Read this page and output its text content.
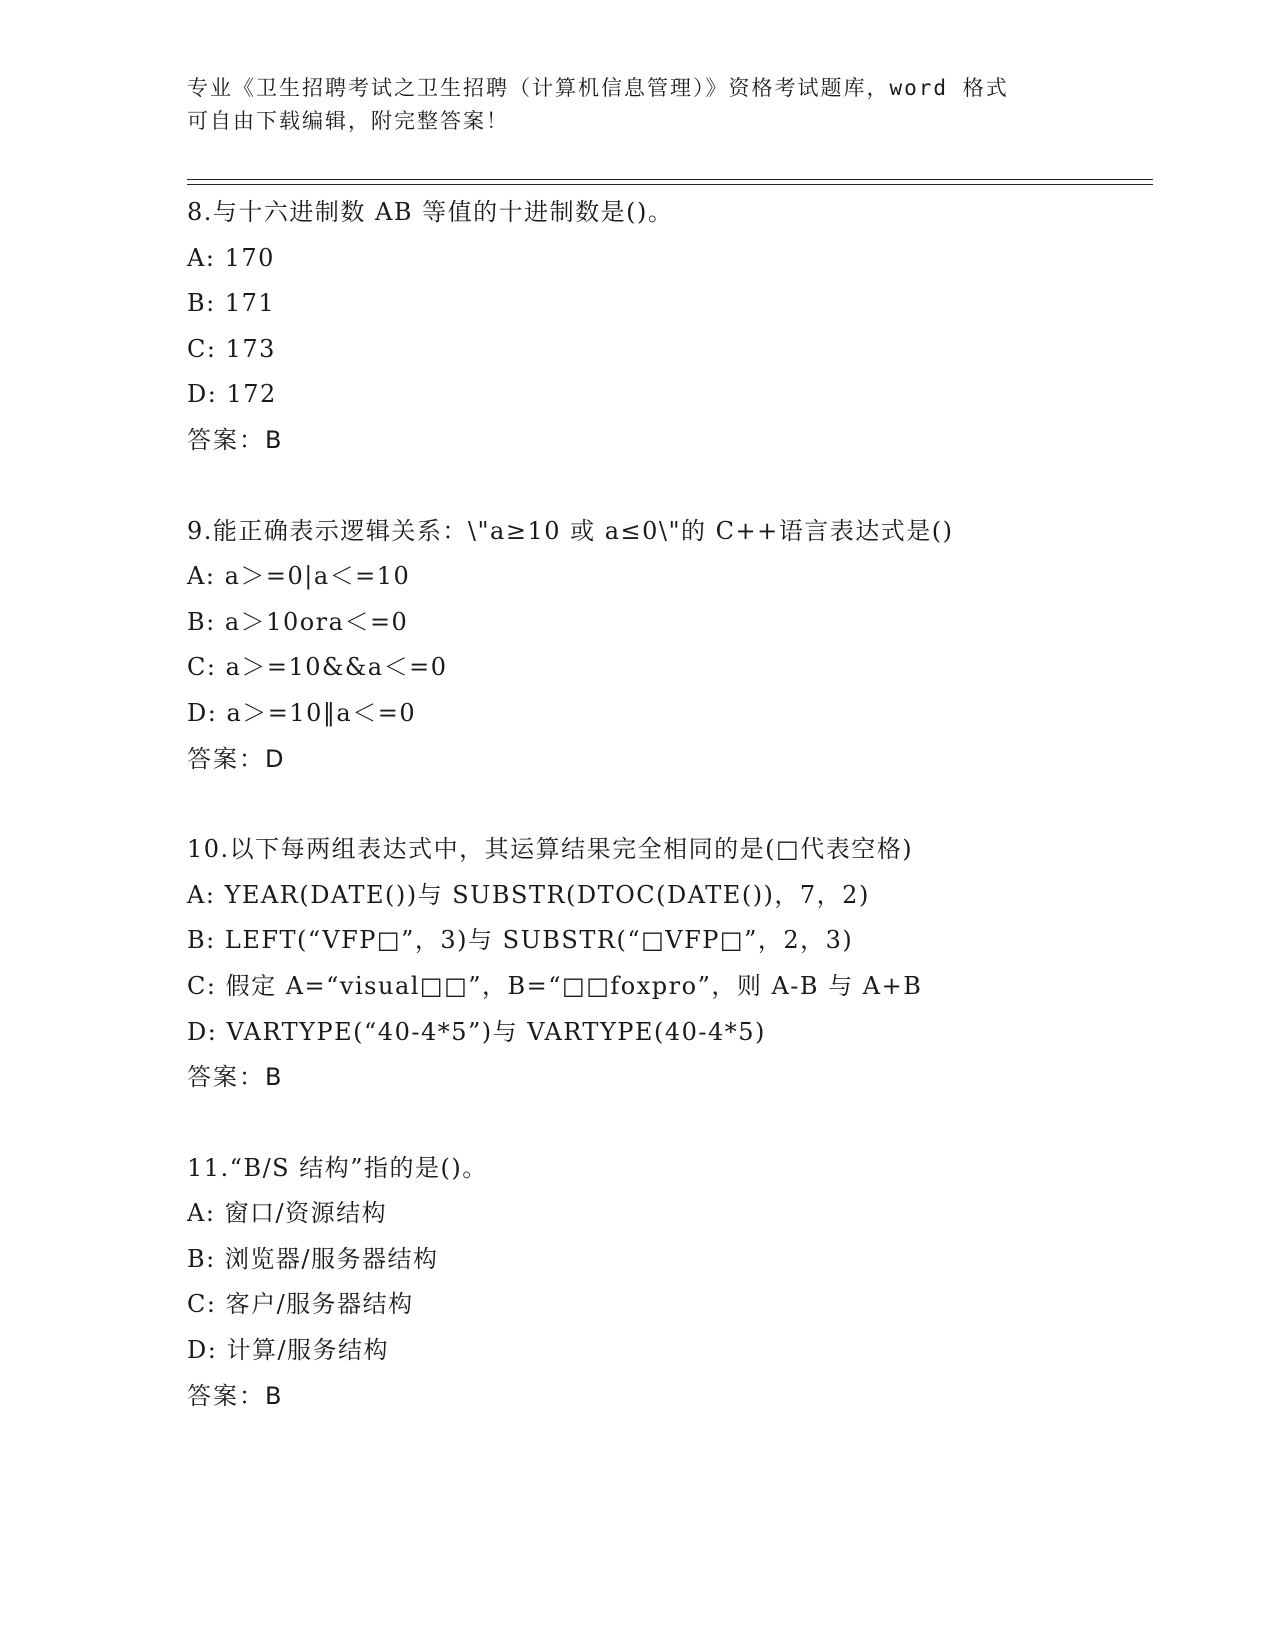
专业《卫生招聘考试之卫生招聘（计算机信息管理）》资格考试题库，word 格式
可自由下载编辑，附完整答案！
8.与十六进制数 AB 等值的十进制数是()。
A: 170
B: 171
C: 173
D: 172
答案：B
9.能正确表示逻辑关系：\"a≥10 或 a≤0\"的 C++语言表达式是()
A: a＞=0|a＜=10
B: a＞10ora＜=0
C: a＞=10&&a＜=0
D: a＞=10‖a＜=0
答案：D
10.以下每两组表达式中，其运算结果完全相同的是(□代表空格)
A: YEAR(DATE())与 SUBSTR(DTOC(DATE())，7，2)
B: LEFT(“VFP□”，3)与 SUBSTR(“□VFP□”，2，3)
C: 假定 A=“visual□□”，B=“□□foxpro”，则 A-B 与 A+B
D: VARTYPE(“40-4*5”)与 VARTYPE(40-4*5)
答案：B
11.“B/S 结构”指的是()。
A: 窗口/资源结构
B: 浏览器/服务器结构
C: 客户/服务器结构
D: 计算/服务结构
答案：B
